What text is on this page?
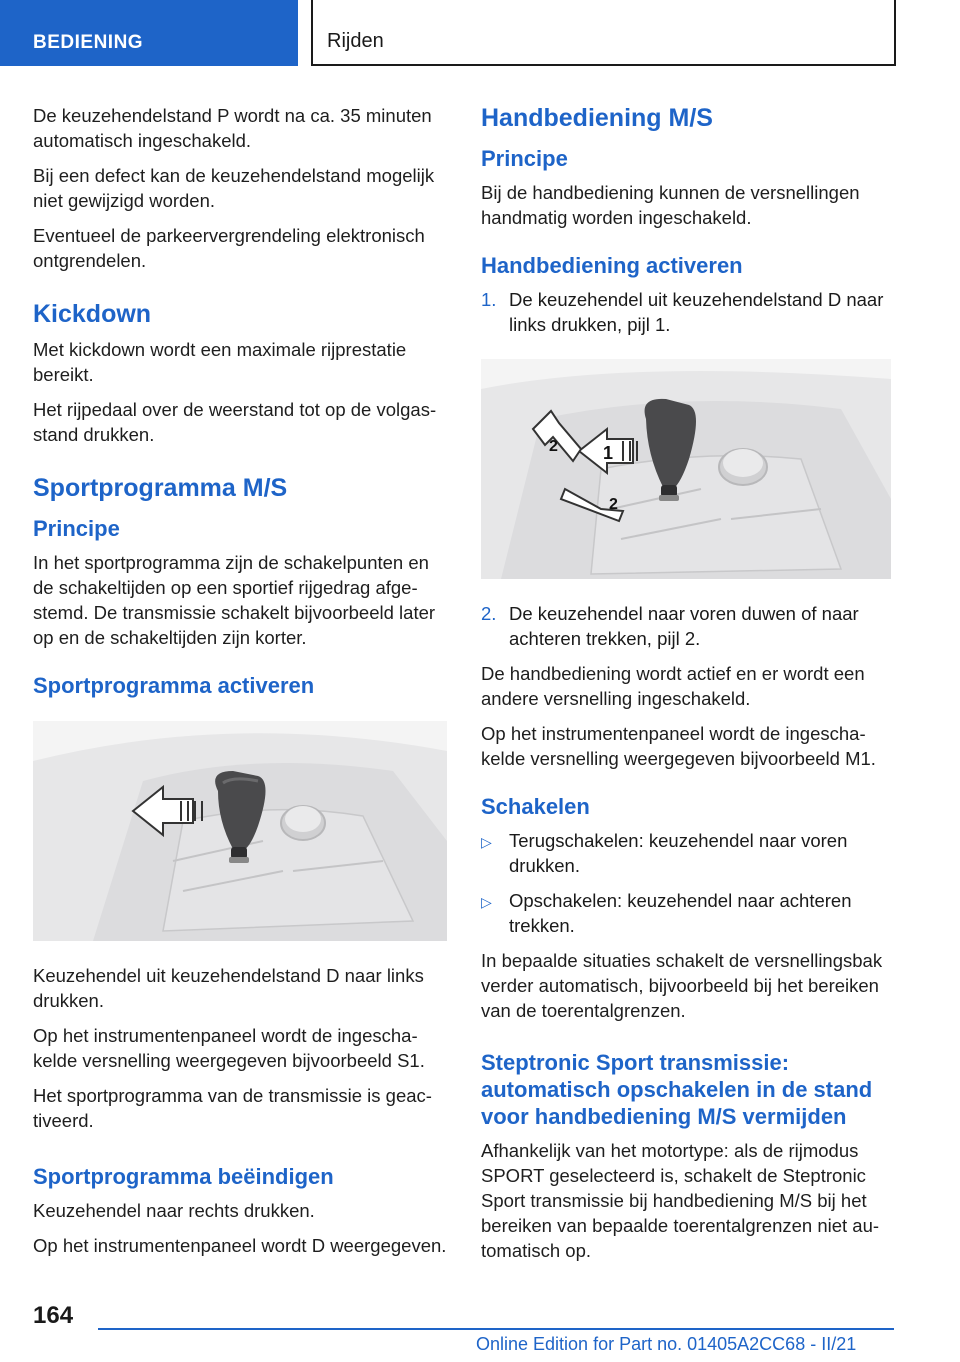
BEDIENING	Rijden

De keuzehendelstand P wordt na ca. 35 minuten automatisch ingeschakeld.

Bij een defect kan de keuzehendelstand mogelijk niet gewijzigd worden.

Eventueel de parkeervergrendeling elektronisch ontgrendelen.

Kickdown

Met kickdown wordt een maximale rijprestatie bereikt.

Het rijpedaal over de weerstand tot op de volgasstand drukken.

Sportprogramma M/S
Principe

In het sportprogramma zijn de schakelpunten en de schakeltijden op een sportief rijgedrag afgestemd. De transmissie schakelt bijvoorbeeld later op en de schakeltijden zijn korter.

Sportprogramma activeren

Keuzehendel uit keuzehendelstand D naar links drukken.

Op het instrumentenpaneel wordt de ingeschakelde versnelling weergegeven bijvoorbeeld S1.

Het sportprogramma van de transmissie is geactiveerd.

Sportprogramma beëindigen

Keuzehendel naar rechts drukken.

Op het instrumentenpaneel wordt D weergegeven.

Handbediening M/S
Principe

Bij de handbediening kunnen de versnellingen handmatig worden ingeschakeld.

Handbediening activeren
1. De keuzehendel uit keuzehendelstand D naar links drukken, pijl 1.
1
2
2
2. De keuzehendel naar voren duwen of naar achteren trekken, pijl 2.

De handbediening wordt actief en er wordt een andere versnelling ingeschakeld.

Op het instrumentenpaneel wordt de ingeschakelde versnelling weergegeven bijvoorbeeld M1.

Schakelen
▷ Terugschakelen: keuzehendel naar voren drukken.
▷ Opschakelen: keuzehendel naar achteren trekken.

In bepaalde situaties schakelt de versnellingsbak verder automatisch, bijvoorbeeld bij het bereiken van de toerentalgrenzen.

Steptronic Sport transmissie: automatisch opschakelen in de stand voor handbediening M/S vermijden

Afhankelijk van het motortype: als de rijmodus SPORT geselecteerd is, schakelt de Steptronic Sport transmissie bij handbediening M/S bij het bereiken van bepaalde toerentalgrenzen niet automatisch op.

164
Online Edition for Part no. 01405A2CC68 - II/21
